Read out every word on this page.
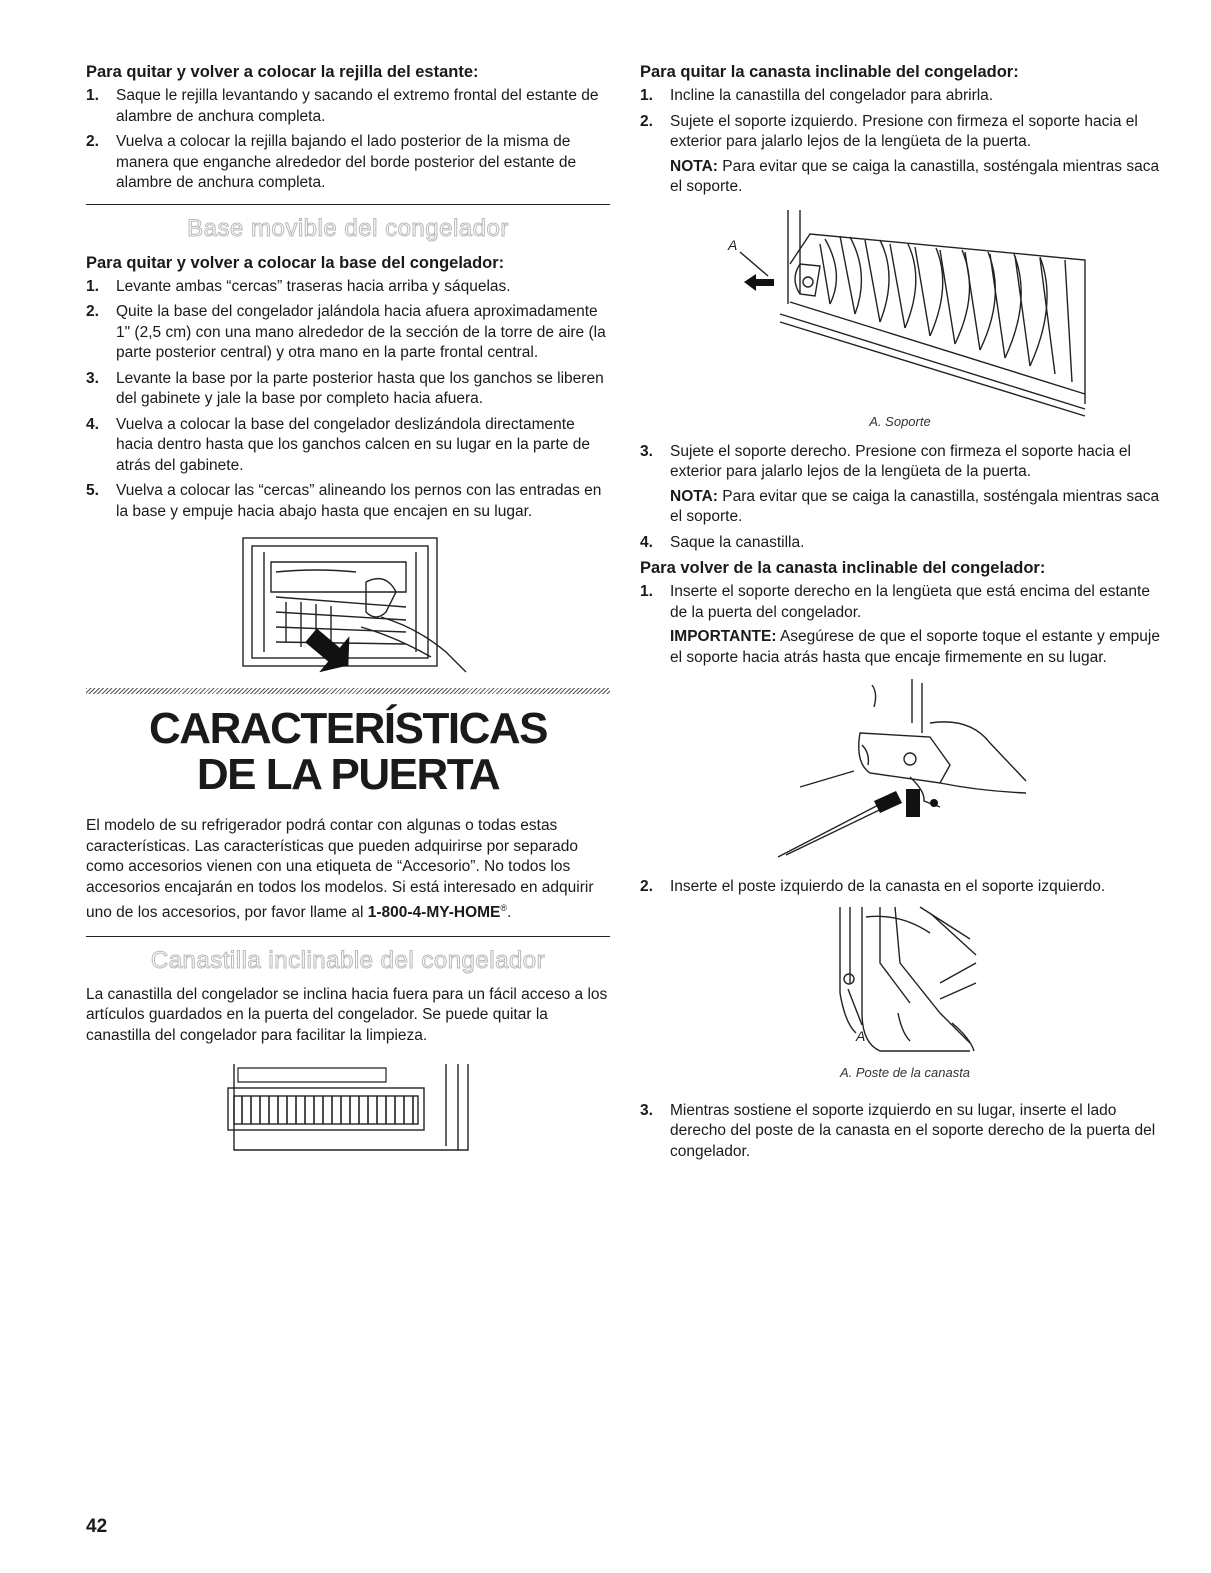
Para quitar y volver a colocar la rejilla del estante:
1. Saque le rejilla levantando y sacando el extremo frontal del estante de alambre de anchura completa.
2. Vuelva a colocar la rejilla bajando el lado posterior de la misma de manera que enganche alrededor del borde posterior del estante de alambre de anchura completa.
Base movible del congelador
Para quitar y volver a colocar la base del congelador:
1. Levante ambas “cercas” traseras hacia arriba y sáquelas.
2. Quite la base del congelador jalándola hacia afuera aproximadamente 1" (2,5 cm) con una mano alrededor de la sección de la torre de aire (la parte posterior central) y otra mano en la parte frontal central.
3. Levante la base por la parte posterior hasta que los ganchos se liberen del gabinete y jale la base por completo hacia afuera.
4. Vuelva a colocar la base del congelador deslizándola directamente hacia dentro hasta que los ganchos calcen en su lugar en la parte de atrás del gabinete.
5. Vuelva a colocar las “cercas” alineando los pernos con las entradas en la base y empuje hacia abajo hasta que encajen en su lugar.
CARACTERÍSTICAS
DE LA PUERTA

El modelo de su refrigerador podrá contar con algunas o todas estas características. Las características que pueden adquirirse por separado como accesorios vienen con una etiqueta de “Accesorio”. No todos los accesorios encajarán en todos los modelos. Si está interesado en adquirir uno de los accesorios, por favor llame al 1-800-4-MY-HOME®.

Canastilla inclinable del congelador

La canastilla del congelador se inclina hacia fuera para un fácil acceso a los artículos guardados en la puerta del congelador. Se puede quitar la canastilla del congelador para facilitar la limpieza.

Para quitar la canasta inclinable del congelador:
1. Incline la canastilla del congelador para abrirla.
2. Sujete el soporte izquierdo. Presione con firmeza el soporte hacia el exterior para jalarlo lejos de la lengüeta de la puerta.
NOTA: Para evitar que se caiga la canastilla, sosténgala mientras saca el soporte.
A
A. Soporte
3. Sujete el soporte derecho. Presione con firmeza el soporte hacia el exterior para jalarlo lejos de la lengüeta de la puerta.
NOTA: Para evitar que se caiga la canastilla, sosténgala mientras saca el soporte.
4. Saque la canastilla.
Para volver de la canasta inclinable del congelador:
1. Inserte el soporte derecho en la lengüeta que está encima del estante de la puerta del congelador.
IMPORTANTE: Asegúrese de que el soporte toque el estante y empuje el soporte hacia atrás hasta que encaje firmemente en su lugar.
2. Inserte el poste izquierdo de la canasta en el soporte izquierdo.
A
A. Poste de la canasta
3. Mientras sostiene el soporte izquierdo en su lugar, inserte el lado derecho del poste de la canasta en el soporte derecho de la puerta del congelador.
42
